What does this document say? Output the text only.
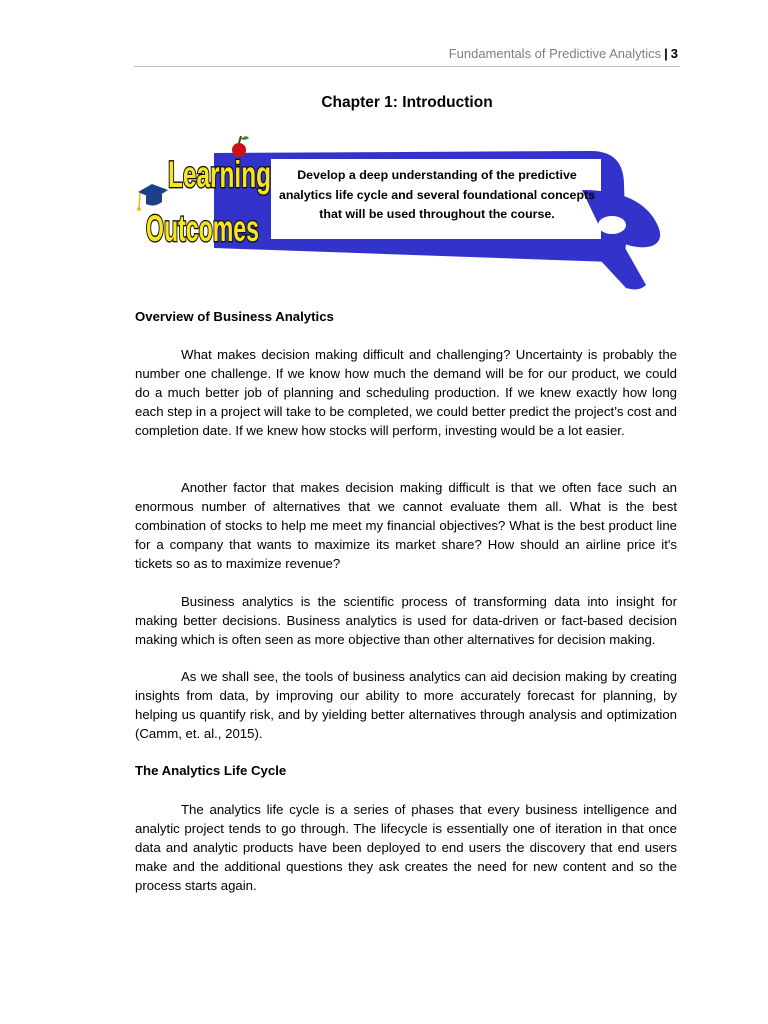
Fundamentals of Predictive Analytics | 3
Chapter 1: Introduction
Learning
Outcomes
Develop a deep understanding of the predictive analytics life cycle and several foundational concepts that will be used throughout the course.
Overview of Business Analytics

What makes decision making difficult and challenging? Uncertainty is probably the number one challenge. If we know how much the demand will be for our product, we could do a much better job of planning and scheduling production. If we knew exactly how long each step in a project will take to be completed, we could better predict the project’s cost and completion date. If we knew how stocks will perform, investing would be a lot easier.

Another factor that makes decision making difficult is that we often face such an enormous number of alternatives that we cannot evaluate them all. What is the best combination of stocks to help me meet my financial objectives? What is the best product line for a company that wants to maximize its market share? How should an airline price it's tickets so as to maximize revenue?

Business analytics is the scientific process of transforming data into insight for making better decisions. Business analytics is used for data-driven or fact-based decision making which is often seen as more objective than other alternatives for decision making.

As we shall see, the tools of business analytics can aid decision making by creating insights from data, by improving our ability to more accurately forecast for planning, by helping us quantify risk, and by yielding better alternatives through analysis and optimization (Camm, et. al., 2015).

The Analytics Life Cycle

The analytics life cycle is a series of phases that every business intelligence and analytic project tends to go through. The lifecycle is essentially one of iteration in that once data and analytic products have been deployed to end users the discovery that end users make and the additional questions they ask creates the need for new content and so the process starts again.
